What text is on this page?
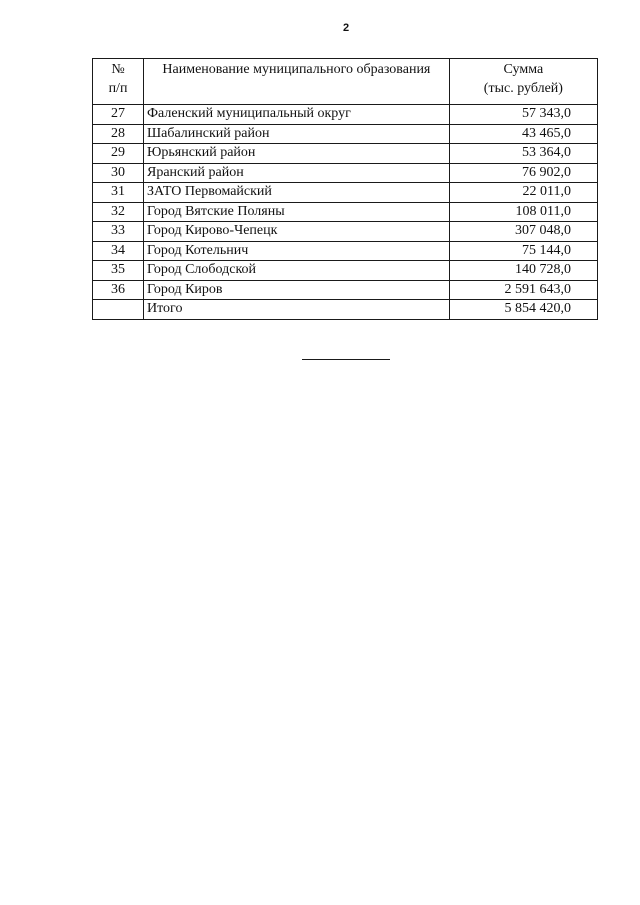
2
№
п/п	Наименование муниципального образования	Сумма
(тыс. рублей)

27	Фаленский муниципальный округ	57 343,0
28	Шабалинский район	43 465,0
29	Юрьянский район	53 364,0
30	Яранский район	76 902,0
31	ЗАТО Первомайский	22 011,0
32	Город Вятские Поляны	108 011,0
33	Город Кирово-Чепецк	307 048,0
34	Город Котельнич	75 144,0
35	Город Слободской	140 728,0
36	Город Киров	2 591 643,0
	Итого	5 854 420,0
